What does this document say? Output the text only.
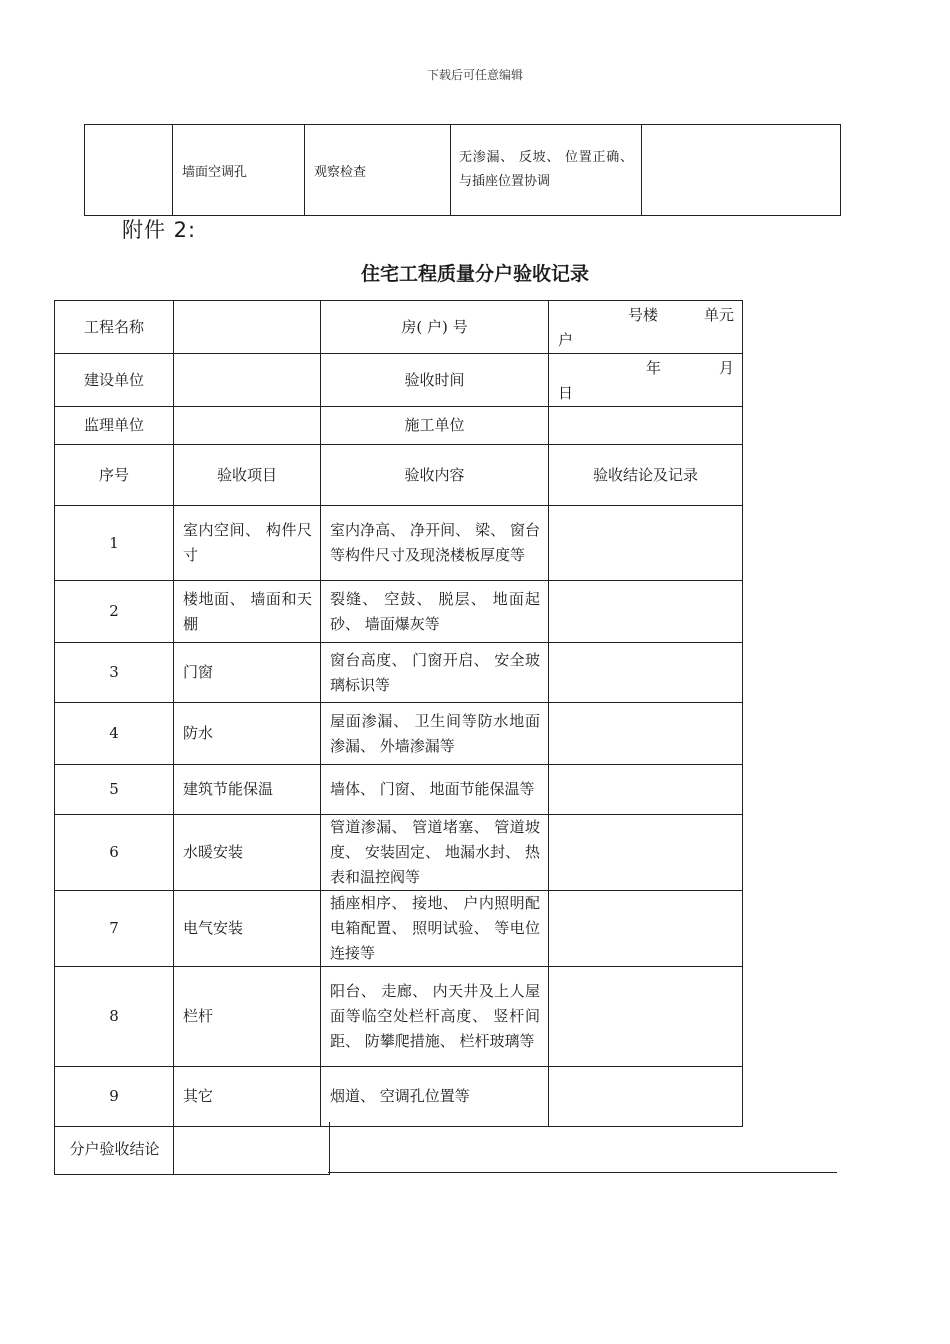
下载后可任意编辑
	墙面空调孔	观察检查	无渗漏、 反坡、 位置正确、 与插座位置协调	
附件 2:
住宅工程质量分户验收记录
工程名称		房( 户) 号	号楼 单元
户

建设单位		验收时间	年 月
日

监理单位		施工单位	
序号	验收项目	验收内容	验收结论及记录
1	室内空间、 构件尺寸	室内净高、 净开间、 梁、 窗台等构件尺寸及现浇楼板厚度等	
2	楼地面、 墙面和天棚	裂缝、 空鼓、 脱层、 地面起砂、 墙面爆灰等	
3	门窗	窗台高度、 门窗开启、 安全玻璃标识等	
4	防水	屋面渗漏、 卫生间等防水地面渗漏、 外墙渗漏等	
5	建筑节能保温	墙体、 门窗、 地面节能保温等	
6	水暖安装	管道渗漏、 管道堵塞、 管道坡度、 安装固定、 地漏水封、 热表和温控阀等	
7	电气安装	插座相序、 接地、 户内照明配电箱配置、 照明试验、 等电位连接等	
8	栏杆	阳台、 走廊、 内天井及上人屋面等临空处栏杆高度、 竖杆间距、 防攀爬措施、 栏杆玻璃等	
9	其它	烟道、 空调孔位置等	
分户验收结论
